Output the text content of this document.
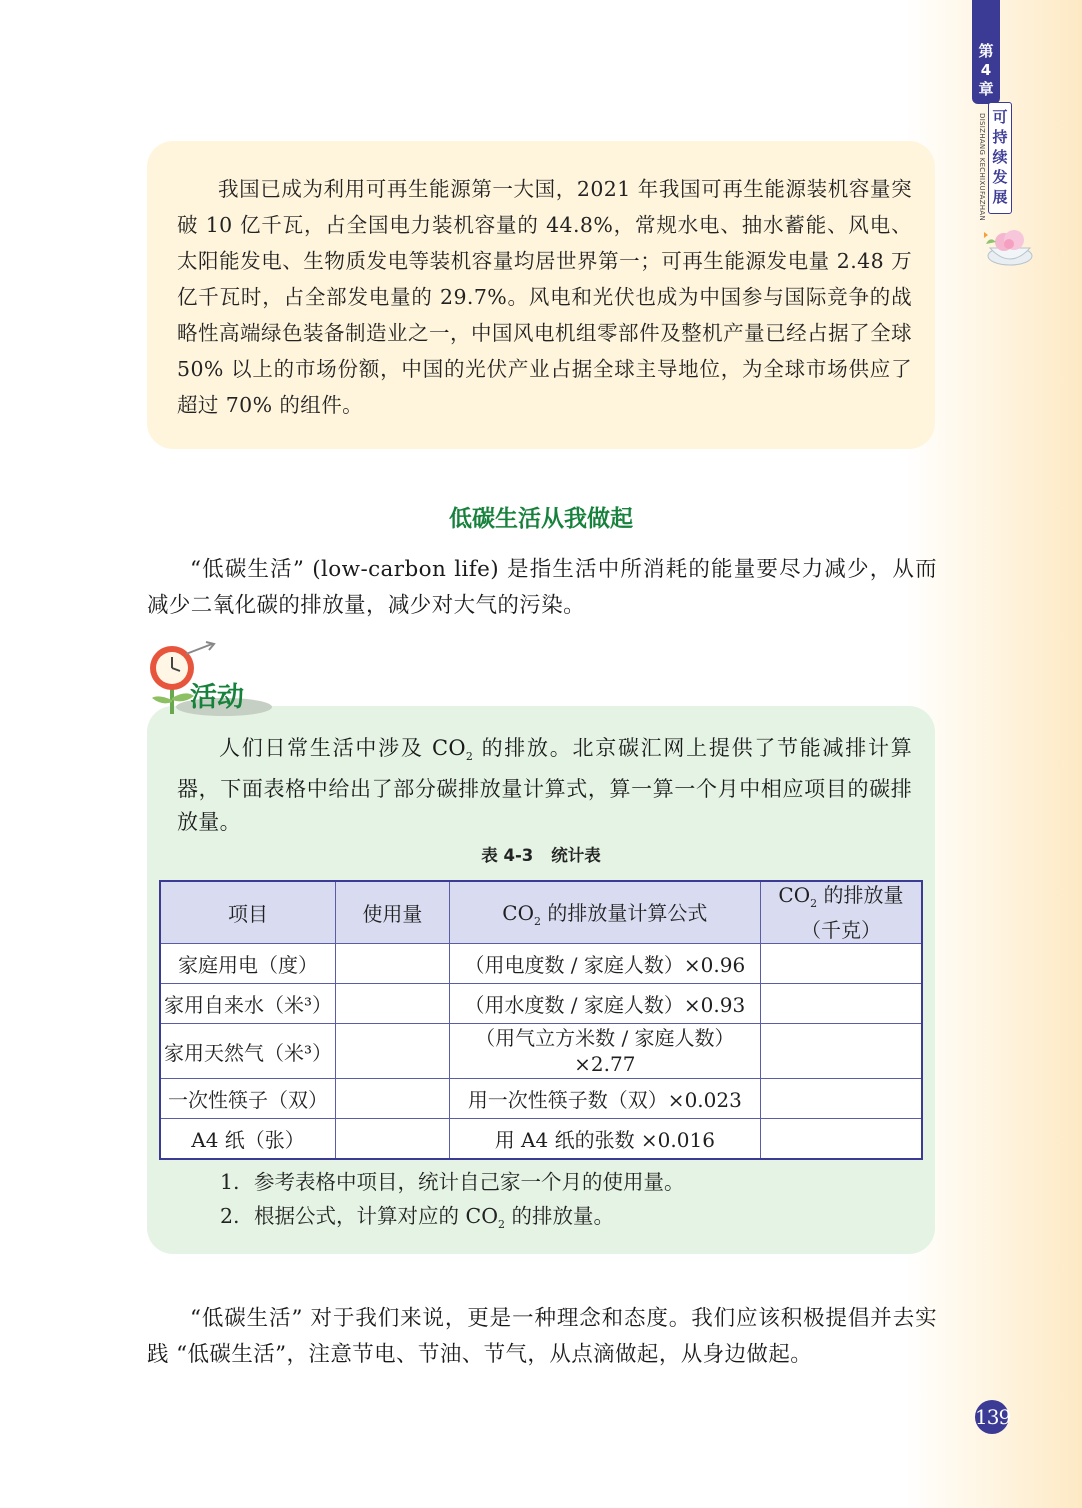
第
4
章
DISIZHANG KECHIXUFAZHAN 可
持
续
发
展
我国已成为利用可再生能源第一大国，2021 年我国可再生能源装机容量突破 10 亿千瓦，占全国电力装机容量的 44.8%，常规水电、抽水蓄能、风电、太阳能发电、生物质发电等装机容量均居世界第一；可再生能源发电量 2.48 万亿千瓦时，占全部发电量的 29.7%。风电和光伏也成为中国参与国际竞争的战略性高端绿色装备制造业之一，中国风电机组零部件及整机产量已经占据了全球 50% 以上的市场份额，中国的光伏产业占据全球主导地位，为全球市场供应了超过 70% 的组件。
低碳生活从我做起
“低碳生活” (low-carbon life) 是指生活中所消耗的能量要尽力减少，从而减少二氧化碳的排放量，减少对大气的污染。
活动
人们日常生活中涉及 $CO_2$ 的排放。北京碳汇网上提供了节能减排计算器，下面表格中给出了部分碳排放量计算式，算一算一个月中相应项目的碳排放量。
表 4-3 统计表
项目	使用量	$CO_2$ 的排放量计算公式	$CO_2$ 的排放量
（千克）

家庭用电（度）		（用电度数 / 家庭人数）×0.96	
家用自来水（米³）		（用水度数 / 家庭人数）×0.93	
家用天然气（米³）		（用气立方米数 / 家庭人数）
×2.77	

一次性筷子（双）		用一次性筷子数（双）×0.023	
A4 纸（张）		用 A4 纸的张数 ×0.016	
1. 参考表格中项目，统计自己家一个月的使用量。
2. 根据公式，计算对应的 $CO_2$ 的排放量。
“低碳生活” 对于我们来说，更是一种理念和态度。我们应该积极提倡并去实践 “低碳生活”，注意节电、节油、节气，从点滴做起，从身边做起。
139
